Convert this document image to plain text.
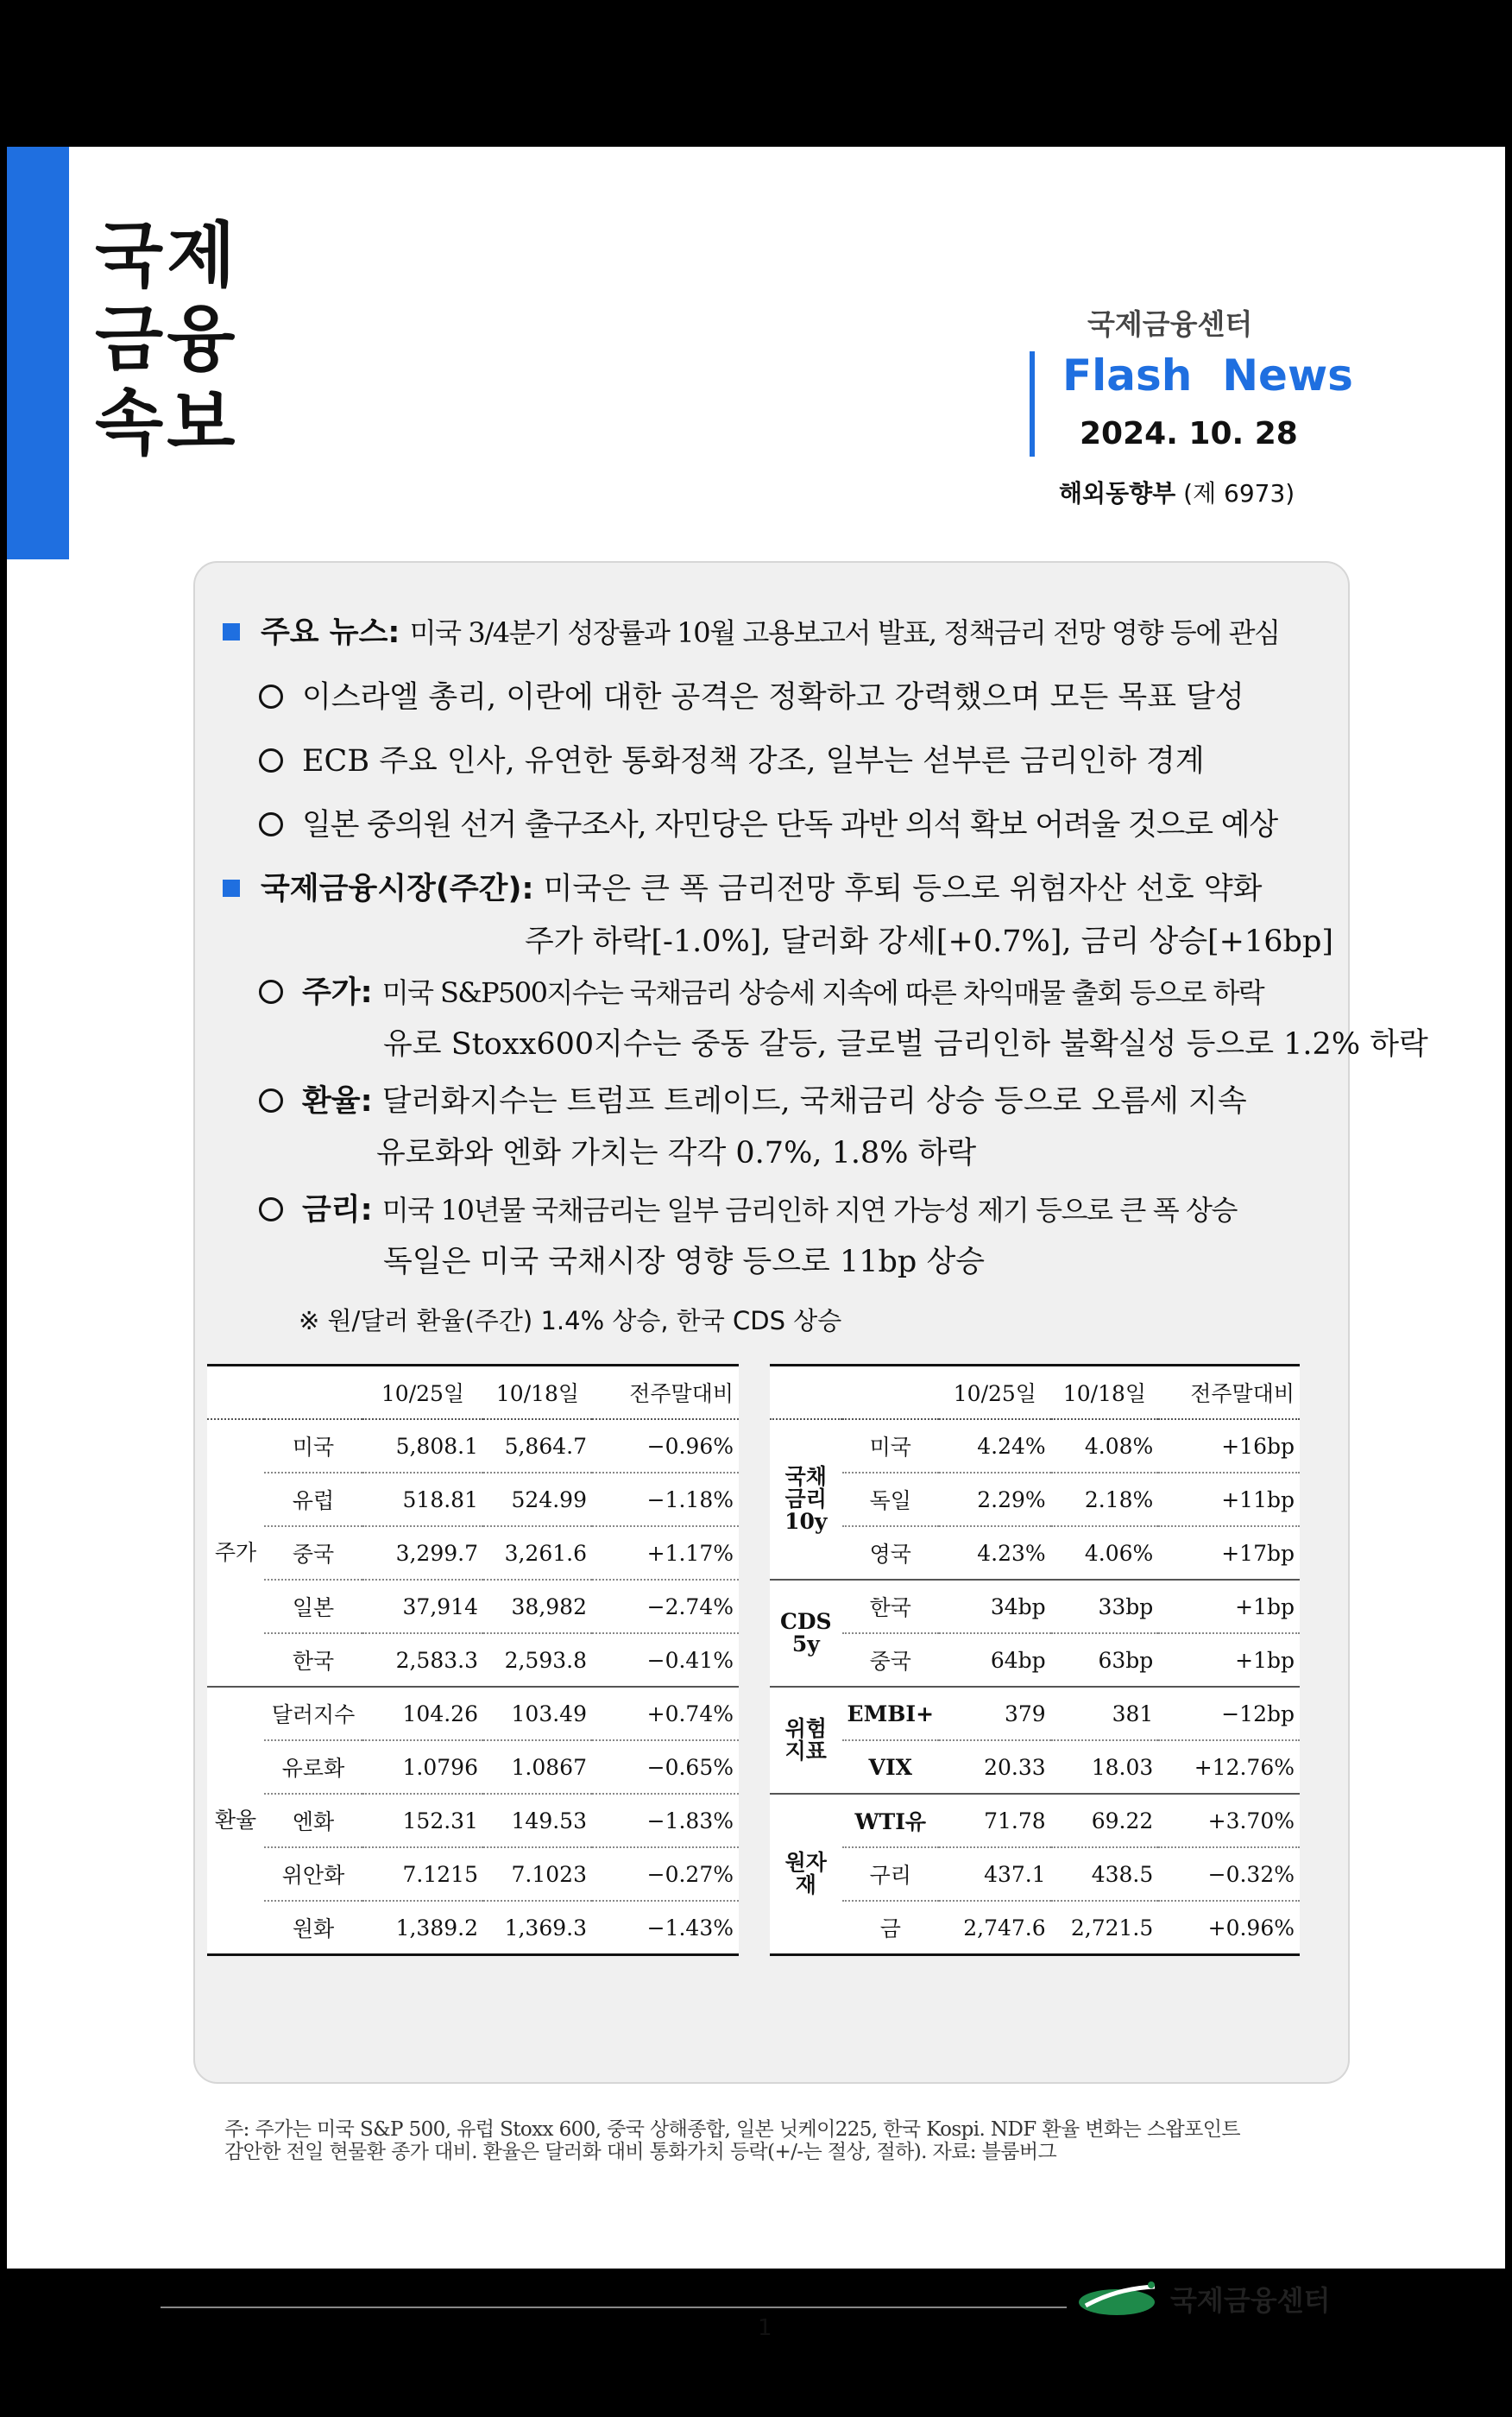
국제
금융
속보
국제금융센터
Flash  News
2024. 10. 28
해외동향부 (제 6973)
주요 뉴스: 미국 3/4분기 성장률과 10월 고용보고서 발표, 정책금리 전망 영향 등에 관심
이스라엘 총리, 이란에 대한 공격은 정확하고 강력했으며 모든 목표 달성
ECB 주요 인사, 유연한 통화정책 강조, 일부는 섣부른 금리인하 경계
일본 중의원 선거 출구조사, 자민당은 단독 과반 의석 확보 어려울 것으로 예상
국제금융시장(주간): 미국은 큰 폭 금리전망 후퇴 등으로 위험자산 선호 약화
주가 하락[-1.0%], 달러화 강세[+0.7%], 금리 상승[+16bp]
주가: 미국 S&P500지수는 국채금리 상승세 지속에 따른 차익매물 출회 등으로 하락
유로 Stoxx600지수는 중동 갈등, 글로벌 금리인하 불확실성 등으로 1.2% 하락
환율: 달러화지수는 트럼프 트레이드, 국채금리 상승 등으로 오름세 지속
유로화와 엔화 가치는 각각 0.7%, 1.8% 하락
금리: 미국 10년물 국채금리는 일부 금리인하 지연 가능성 제기 등으로 큰 폭 상승
독일은 미국 국채시장 영향 등으로 11bp 상승
※ 원/달러 환율(주간) 1.4% 상승, 한국 CDS 상승
		10/25일	10/18일	전주말대비
주가	미국	5,808.1	5,864.7	−0.96%
	유럽	518.81	524.99	−1.18%
	중국	3,299.7	3,261.6	+1.17%
	일본	37,914	38,982	−2.74%
	한국	2,583.3	2,593.8	−0.41%
환율	달러지수	104.26	103.49	+0.74%
	유로화	1.0796	1.0867	−0.65%
	엔화	152.31	149.53	−1.83%
	위안화	7.1215	7.1023	−0.27%
	원화	1,389.2	1,369.3	−1.43%
		10/25일	10/18일	전주말대비
국채
금리
10y	미국	4.24%	4.08%	+16bp
	독일	2.29%	2.18%	+11bp
	영국	4.23%	4.06%	+17bp
CDS
5y	한국	34bp	33bp	+1bp
	중국	64bp	63bp	+1bp
위험
지표	EMBI+	379	381	−12bp
	VIX	20.33	18.03	+12.76%
원자재	WTI유	71.78	69.22	+3.70%
	구리	437.1	438.5	−0.32%
	금	2,747.6	2,721.5	+0.96%
주: 주가는 미국 S&P 500, 유럽 Stoxx 600, 중국 상해종합, 일본 닛케이225, 한국 Kospi. NDF 환율 변화는 스왑포인트
감안한 전일 현물환 종가 대비. 환율은 달러화 대비 통화가치 등락(+/-는 절상, 절하). 자료: 블룸버그
1
국제금융센터
